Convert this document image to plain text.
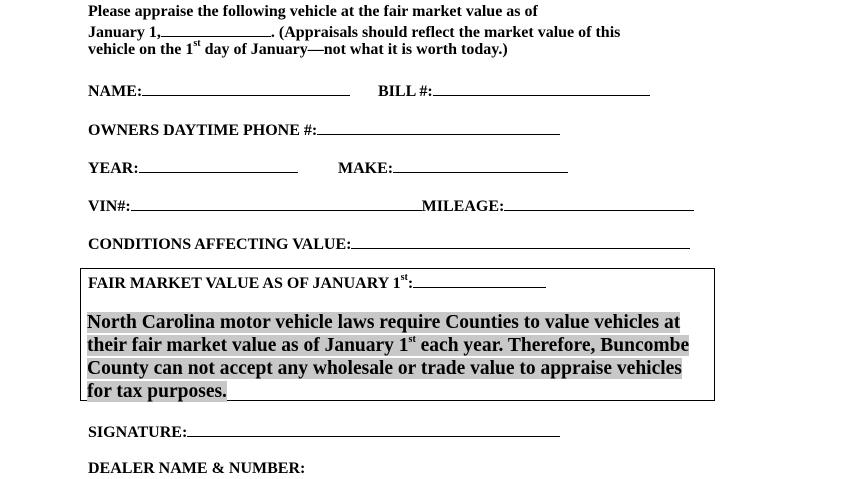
Please appraise the following vehicle at the fair market value as of
January 1,	. (Appraisals should reflect the market value of this
vehicle on the 1st day of January—not what it is worth today.)
NAME:	BILL #:
OWNERS DAYTIME PHONE #:
YEAR:	MAKE:
VIN#:	MILEAGE:
CONDITIONS AFFECTING VALUE:
FAIR MARKET VALUE AS OF JANUARY 1st:
North Carolina motor vehicle laws require Counties to value vehicles at
their fair market value as of January 1st each year. Therefore, Buncombe
County can not accept any wholesale or trade value to appraise vehicles
for tax purposes.
SIGNATURE:
DEALER NAME & NUMBER:
